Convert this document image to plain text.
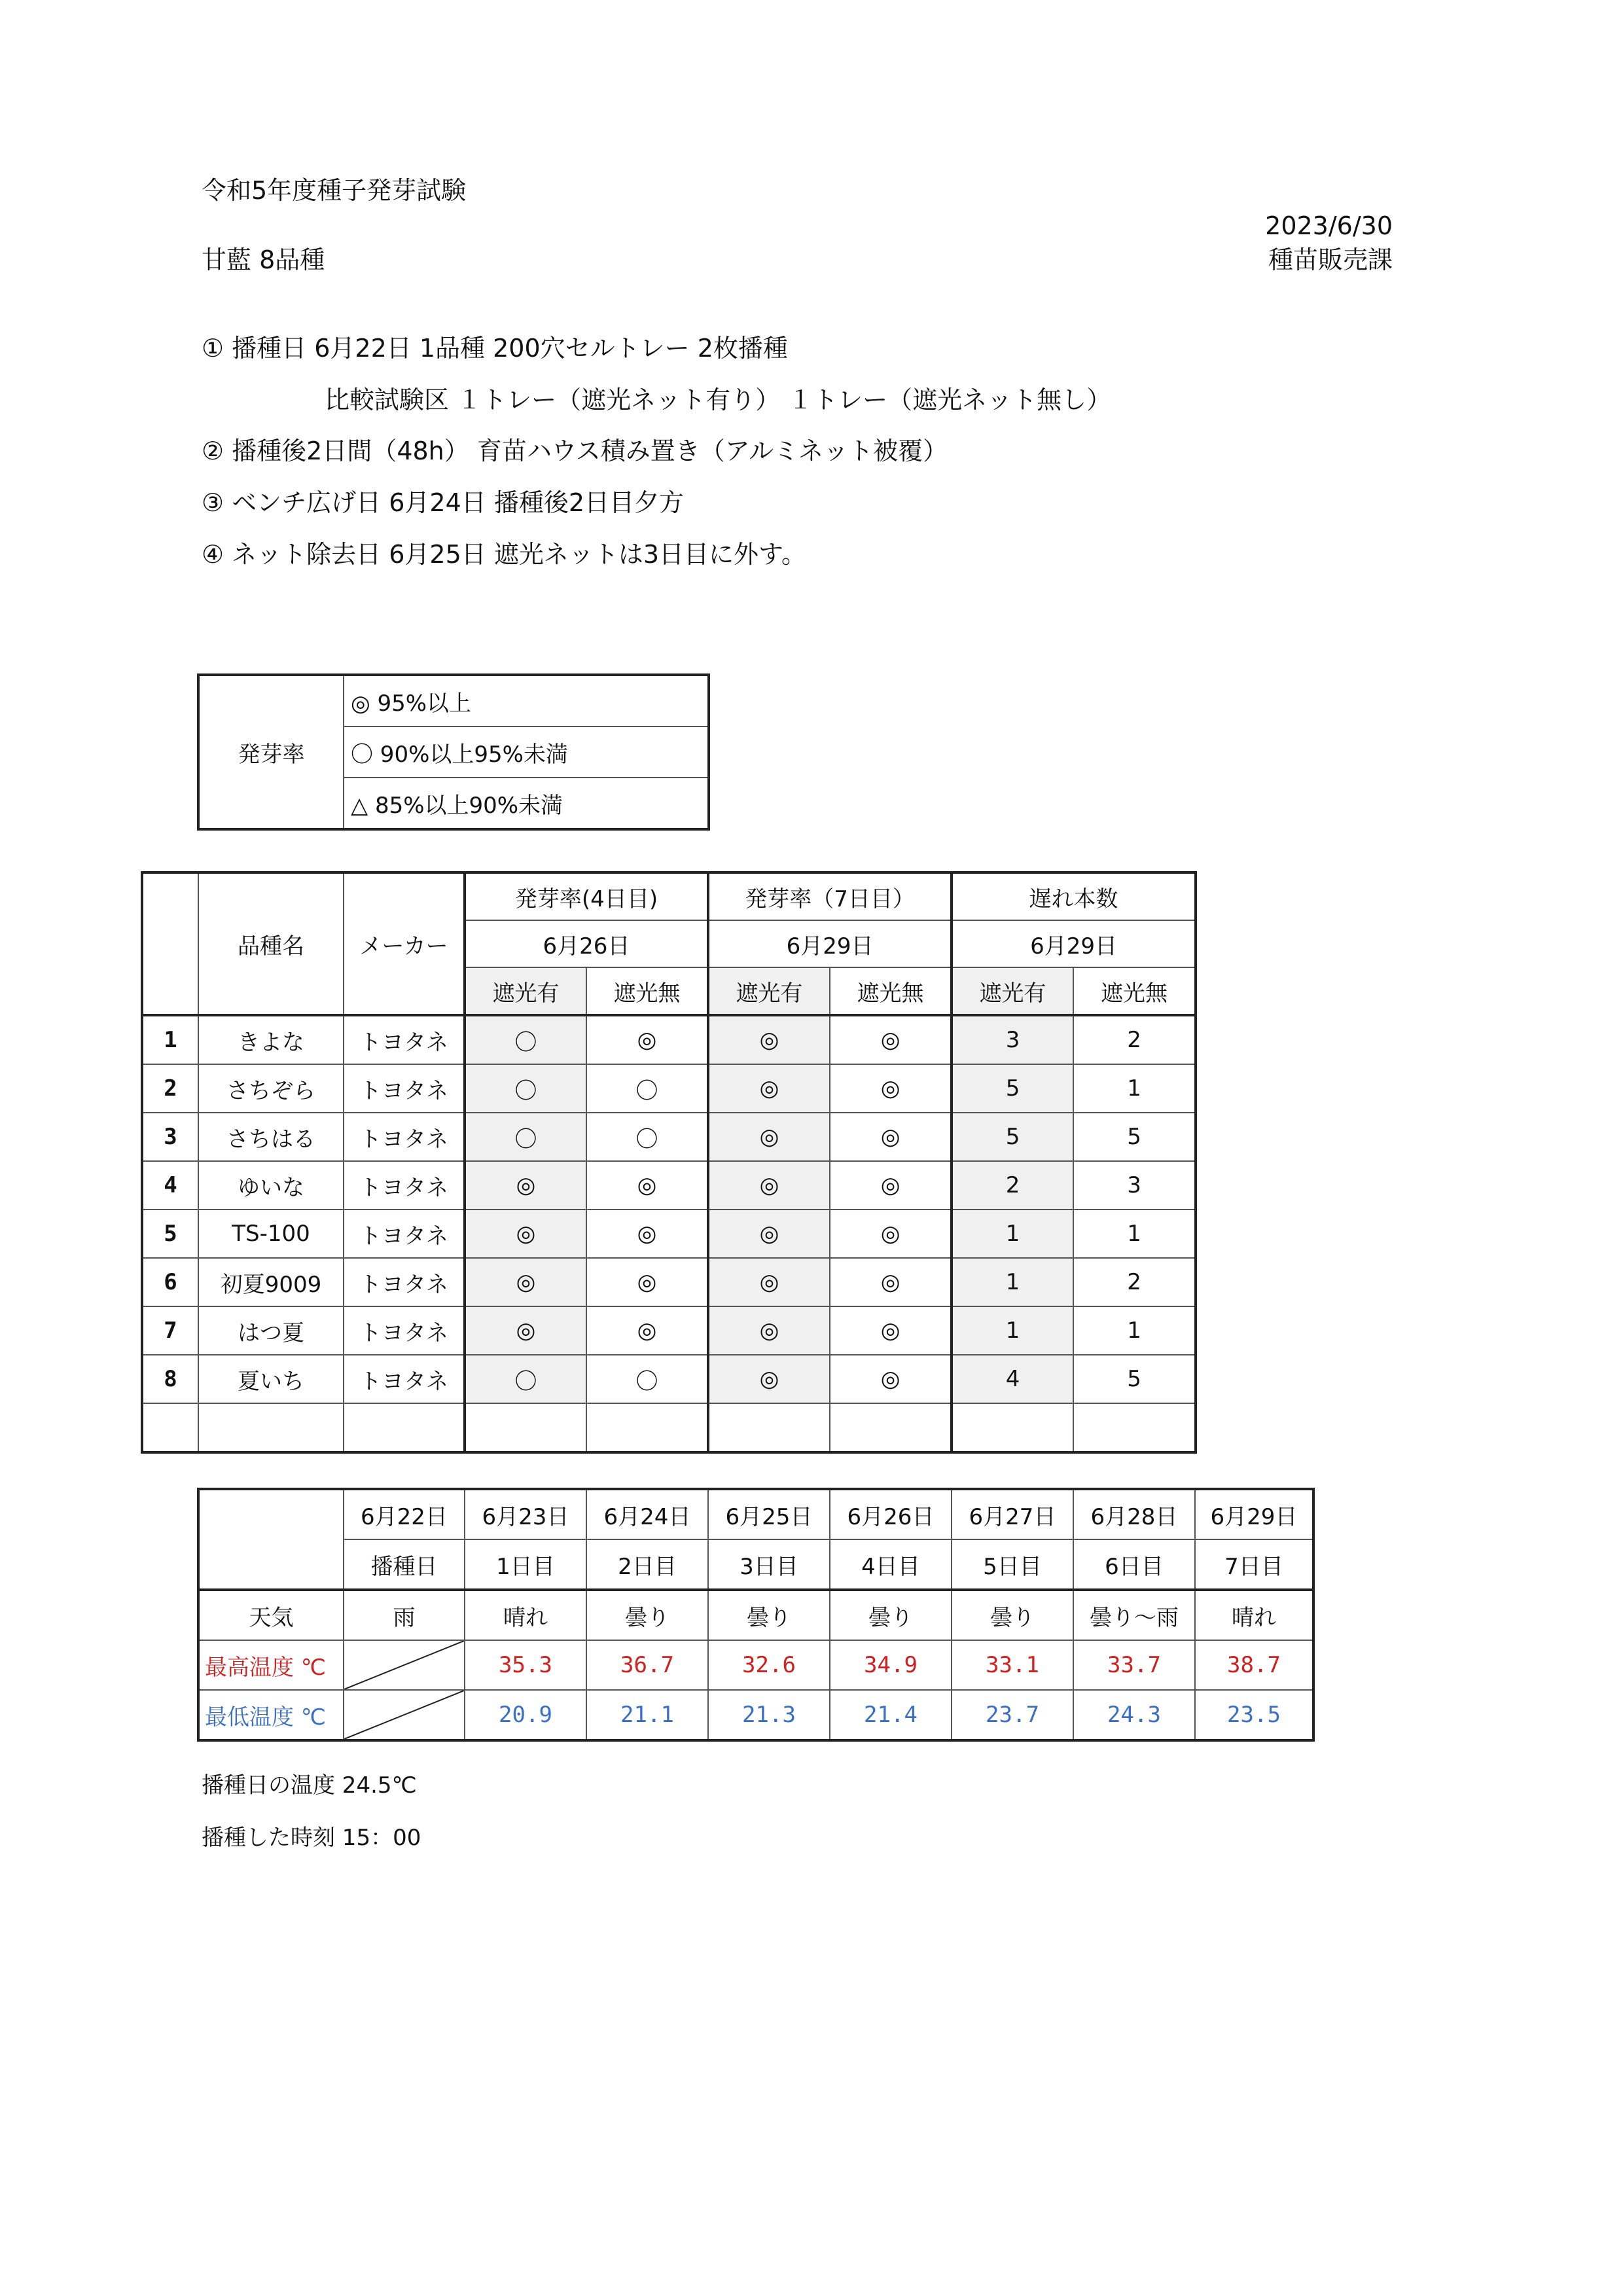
令和5年度種子発芽試験
2023/6/30
甘藍 8品種	種苗販売課
① 播種日 6月22日 1品種 200穴セルトレー 2枚播種
比較試験区 １トレー（遮光ネット有り） １トレー（遮光ネット無し）
② 播種後2日間（48h） 育苗ハウス積み置き（アルミネット被覆）
③ ベンチ広げ日 6月24日 播種後2日目夕方
④ ネット除去日 6月25日 遮光ネットは3日目に外す。
発芽率	◎ 95%以上
〇 90%以上95%未満
△ 85%以上90%未満
	品種名	メーカー	発芽率(4日目)		発芽率（7日目）		遅れ本数	
			6月26日		6月29日		6月29日	
			遮光有	遮光無	遮光有	遮光無	遮光有	遮光無
1	きよな	トヨタネ	〇	◎	◎	◎	3	2
2	さちぞら	トヨタネ	〇	〇	◎	◎	5	1
3	さちはる	トヨタネ	〇	〇	◎	◎	5	5
4	ゆいな	トヨタネ	◎	◎	◎	◎	2	3
5	TS-100	トヨタネ	◎	◎	◎	◎	1	1
6	初夏9009	トヨタネ	◎	◎	◎	◎	1	2
7	はつ夏	トヨタネ	◎	◎	◎	◎	1	1
8	夏いち	トヨタネ	〇	〇	◎	◎	4	5

	6月22日	6月23日	6月24日	6月25日	6月26日	6月27日	6月28日	6月29日
	播種日	1日目	2日目	3日目	4日目	5日目	6日目	7日目
天気	雨	晴れ	曇り	曇り	曇り	曇り	曇り～雨	晴れ
最高温度 ℃		35.3	36.7	32.6	34.9	33.1	33.7	38.7
最低温度 ℃		20.9	21.1	21.3	21.4	23.7	24.3	23.5
播種日の温度 24.5℃
播種した時刻 15：00
